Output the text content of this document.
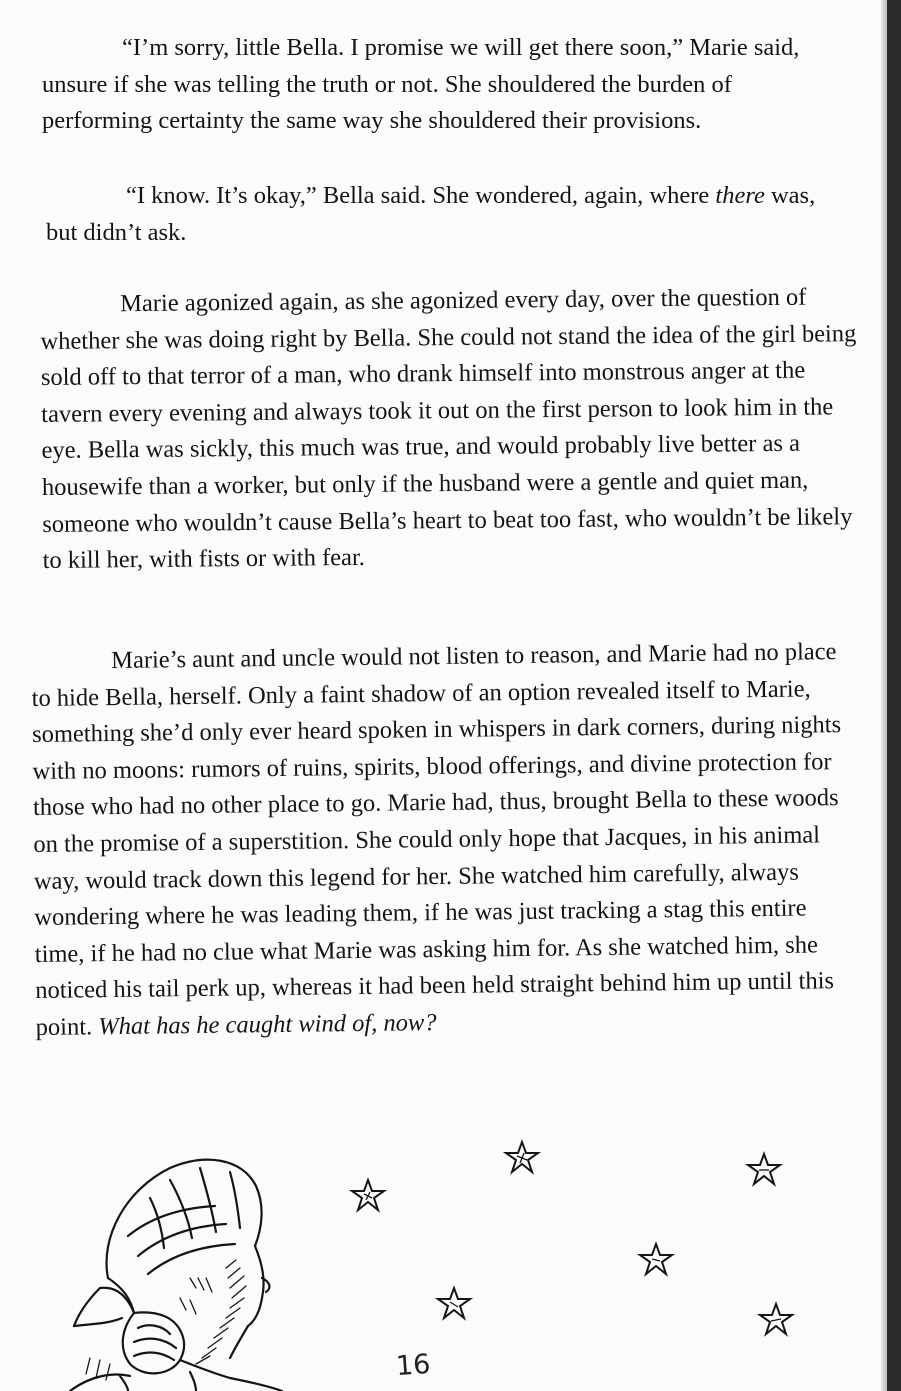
“I’m sorry, little Bella. I promise we will get there soon,” Marie said, unsure if she was telling the truth or not. She shouldered the burden of performing certainty the same way she shouldered their provisions.

“I know. It’s okay,” Bella said. She wondered, again, where there was, but didn’t ask.

Marie agonized again, as she agonized every day, over the question of whether she was doing right by Bella. She could not stand the idea of the girl being sold off to that terror of a man, who drank himself into monstrous anger at the tavern every evening and always took it out on the first person to look him in the eye. Bella was sickly, this much was true, and would probably live better as a housewife than a worker, but only if the husband were a gentle and quiet man, someone who wouldn’t cause Bella’s heart to beat too fast, who wouldn’t be likely to kill her, with fists or with fear.

Marie’s aunt and uncle would not listen to reason, and Marie had no place to hide Bella, herself. Only a faint shadow of an option revealed itself to Marie, something she’d only ever heard spoken in whispers in dark corners, during nights with no moons: rumors of ruins, spirits, blood offerings, and divine protection for those who had no other place to go. Marie had, thus, brought Bella to these woods on the promise of a superstition. She could only hope that Jacques, in his animal way, would track down this legend for her. She watched him carefully, always wondering where he was leading them, if he was just tracking a stag this entire time, if he had no clue what Marie was asking him for. As she watched him, she noticed his tail perk up, whereas it had been held straight behind him up until this point. What has he caught wind of, now?

16
